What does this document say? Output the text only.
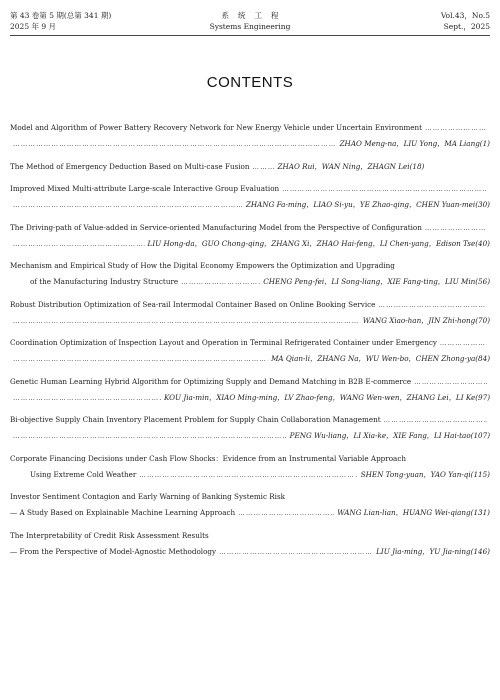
第 43 卷第 5 期(总第 341 期)
2025 年 9 月
系统工程
Systems Engineering
Vol.43，No.5
Sept.，2025
CONTENTS
Model and Algorithm of Power Battery Recovery Network for New Energy Vehicle under Uncertain Environment
………………………………………………………………………………………………………………………………………………………………………………………………………………
………………………………………………………………………………………………………………………………………………………………………………………………………………
ZHAO Meng-na，LIU Yong，MA Liang(1)
The Method of Emergency Deduction Based on Multi-case Fusion ………………………………………………………………………………………………………………………………………………………………………………………………………………	ZHAO Rui，WAN Ning，ZHAGN Lei(18)
Improved Mixed Multi-attribute Large-scale Interactive Group Evaluation
………………………………………………………………………………………………………………………………………………………………………………………………………………
………………………………………………………………………………………………………………………………………………………………………………………………………………
ZHANG Fa-ming，LIAO Si-yu，YE Zhao-qing，CHEN Yuan-mei(30)
The Driving-path of Value-added in Service-oriented Manufacturing Model from the Perspective of Configuration
………………………………………………………………………………………………………………………………………………………………………………………………………………
………………………………………………………………………………………………………………………………………………………………………………………………………………
LIU Hong-da，GUO Chong-qing，ZHANG Xi，ZHAO Hai-feng，LI Chen-yang，Edison Tse(40)
Mechanism and Empirical Study of How the Digital Economy Empowers the Optimization and Upgrading
of the Manufacturing Industry Structure ………………………………………………………………………………………………………………………………………………………………………………………………………………	CHENG Peng-fei，LI Song-liang，XIE Fang-ting，LIU Min(56)
Robust Distribution Optimization of Sea-rail Intermodal Container Based on Online Booking Service
………………………………………………………………………………………………………………………………………………………………………………………………………………
………………………………………………………………………………………………………………………………………………………………………………………………………………
WANG Xiao-han，JIN Zhi-hong(70)
Coordination Optimization of Inspection Layout and Operation in Terminal Refrigerated Container under Emergency
………………………………………………………………………………………………………………………………………………………………………………………………………………
………………………………………………………………………………………………………………………………………………………………………………………………………………
MA Qian-li，ZHANG Na，WU Wen-bo，CHEN Zhong-ya(84)
Genetic Human Learning Hybrid Algorithm for Optimizing Supply and Demand Matching in B2B E-commerce
………………………………………………………………………………………………………………………………………………………………………………………………………………
………………………………………………………………………………………………………………………………………………………………………………………………………………
KOU Jia-min，XIAO Ming-ming，LV Zhao-feng，WANG Wen-wen，ZHANG Lei，LI Ke(97)
Bi-objective Supply Chain Inventory Placement Problem for Supply Chain Collaboration Management
………………………………………………………………………………………………………………………………………………………………………………………………………………
………………………………………………………………………………………………………………………………………………………………………………………………………………
PENG Wu-liang，LI Xia-ke，XIE Fang，LI Hai-tao(107)
Corporate Financing Decisions under Cash Flow Shocks：Evidence from an Instrumental Variable Approach
Using Extreme Cold Weather ………………………………………………………………………………………………………………………………………………………………………………………………………………	SHEN Tong-yuan，YAO Yan-qi(115)
Investor Sentiment Contagion and Early Warning of Banking Systemic Risk
— A Study Based on Explainable Machine Learning Approach ………………………………………………………………………………………………………………………………………………………………………………………………………………	WANG Lian-lian，HUANG Wei-qiang(131)
The Interpretability of Credit Risk Assessment Results
— From the Perspective of Model-Agnostic Methodology ………………………………………………………………………………………………………………………………………………………………………………………………………………	LIU Jia-ming，YU Jia-ning(146)
